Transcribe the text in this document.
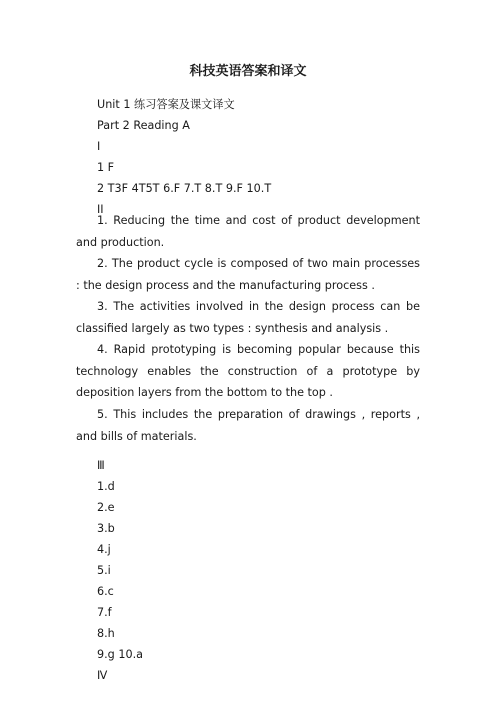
科技英语答案和译文
Unit 1 练习答案及课文译文
Part 2 Reading A
I
1 F
2 T3F 4T5T 6.F 7.T 8.T 9.F 10.T
II

1. Reducing the time and cost of product development and production.

2. The product cycle is composed of two main processes : the design process and the manufacturing process .

3. The activities involved in the design process can be classified largely as two types : synthesis and analysis .

4. Rapid prototyping is becoming popular because this technology enables the construction of a prototype by deposition layers from the bottom to the top .

5. This includes the preparation of drawings , reports , and bills of materials.

Ⅲ
1.d
2.e
3.b
4.j
5.i
6.c
7.f
8.h
9.g 10.a
Ⅳ
